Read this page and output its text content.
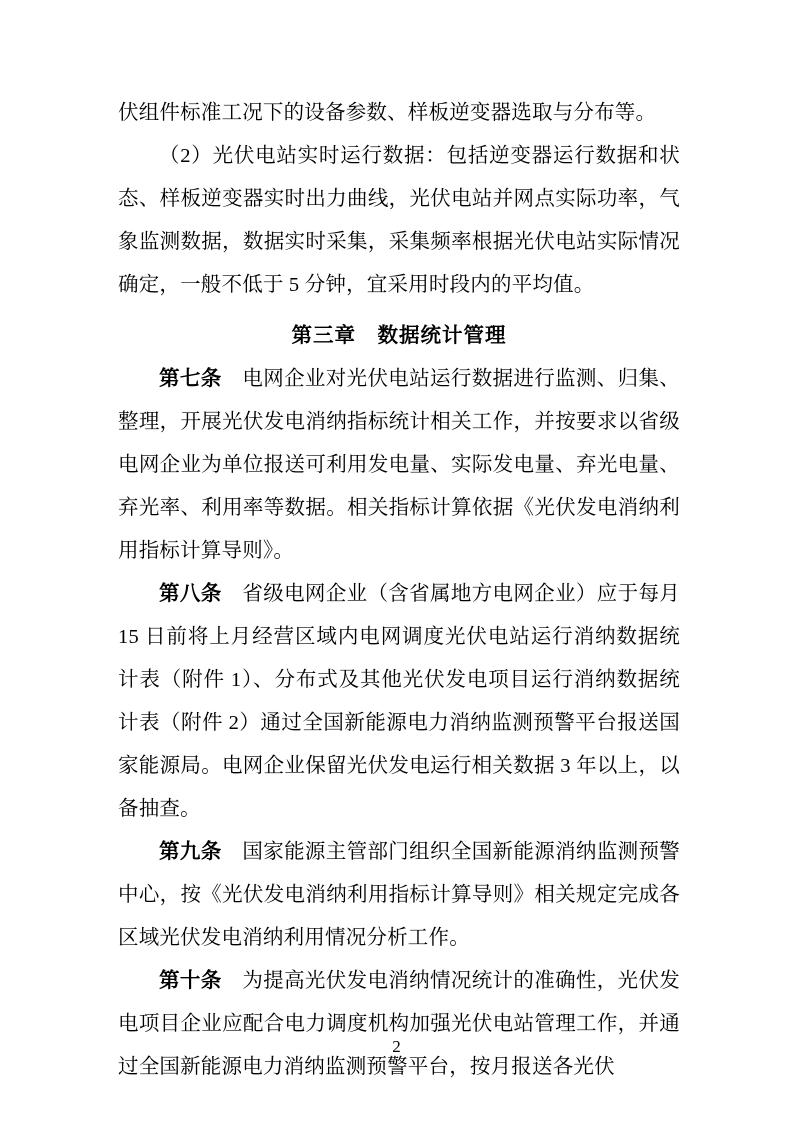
伏组件标准工况下的设备参数、样板逆变器选取与分布等。

（2）光伏电站实时运行数据：包括逆变器运行数据和状态、样板逆变器实时出力曲线，光伏电站并网点实际功率，气象监测数据，数据实时采集，采集频率根据光伏电站实际情况确定，一般不低于 5 分钟，宜采用时段内的平均值。

第三章　数据统计管理

第七条　电网企业对光伏电站运行数据进行监测、归集、整理，开展光伏发电消纳指标统计相关工作，并按要求以省级电网企业为单位报送可利用发电量、实际发电量、弃光电量、弃光率、利用率等数据。相关指标计算依据《光伏发电消纳利用指标计算导则》。

第八条　省级电网企业（含省属地方电网企业）应于每月 15 日前将上月经营区域内电网调度光伏电站运行消纳数据统计表（附件 1）、分布式及其他光伏发电项目运行消纳数据统计表（附件 2）通过全国新能源电力消纳监测预警平台报送国家能源局。电网企业保留光伏发电运行相关数据 3 年以上，以备抽查。

第九条　国家能源主管部门组织全国新能源消纳监测预警中心，按《光伏发电消纳利用指标计算导则》相关规定完成各区域光伏发电消纳利用情况分析工作。

第十条　为提高光伏发电消纳情况统计的准确性，光伏发电项目企业应配合电力调度机构加强光伏电站管理工作，并通过全国新能源电力消纳监测预警平台，按月报送各光伏

2
